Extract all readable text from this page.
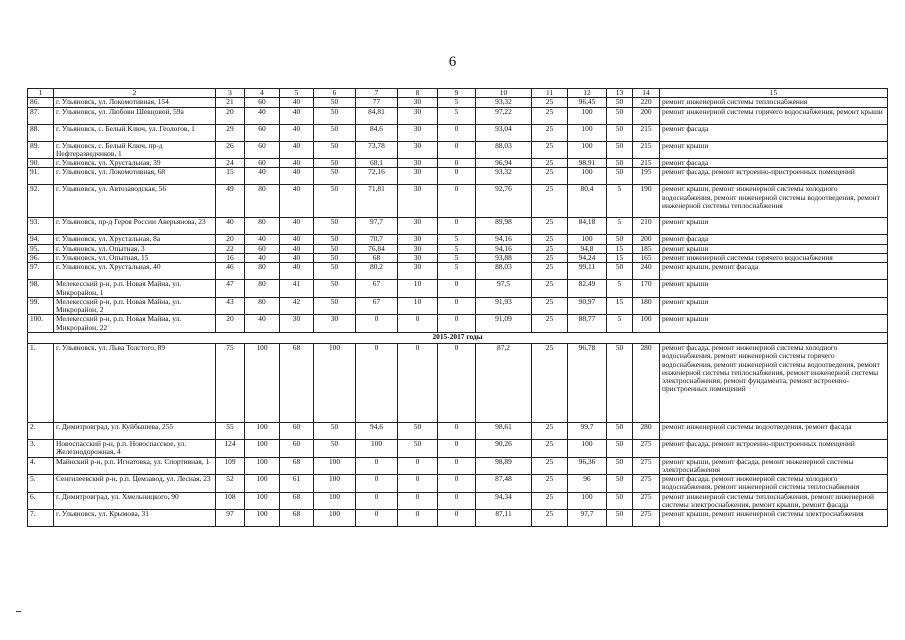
6
1	2	3	4	5	6	7	8	9	10	11	12	13	14	15
86.	г. Ульяновск, ул. Локомотивная, 154	21	60	40	50	77	30	5	93,32	25	96,45	50	220	ремонт инженерной системы теплоснабжения
87.	г. Ульяновск, ул. Любови Шевцовой, 59а	20	40	40	50	84,81	30	5	97,22	25	100	50	200	ремонт инженерной системы горячего водоснабжения, ремонт крыши
88.	г. Ульяновск, с. Белый Ключ, ул. Геологов, 1	29	60	40	50	84,6	30	0	93,04	25	100	50	215	ремонт фасада
89.	г. Ульяновск, с. Белый Ключ, пр-д Нефтеразведчиков, 1	26	60	40	50	73,78	30	0	88,03	25	100	50	215	ремонт крыши
90.	г. Ульяновск, ул. Хрустальная, 39	24	60	40	50	68,1	30	0	96,94	25	98,91	50	215	ремонт фасада
91.	г. Ульяновск, ул. Локомотивная, 68	15	40	40	50	72,16	30	0	93,32	25	100	50	195	ремонт фасада, ремонт встроенно-пристроенных помещений
92.	г. Ульяновск, ул. Автозаводская, 56	49	80	40	50	71,81	30	0	92,76	25	80,4	5	190	ремонт крыши, ремонт инженерной системы холодного водоснабжения, ремонт инженерной системы водоотведения, ремонт инженерной системы теплоснабжения
93.	г. Ульяновск, пр-д Героя России Аверьянова, 23	40	80	40	50	97,7	30	0	89,98	25	84,18	5	210	ремонт крыши
94.	г. Ульяновск, ул. Хрустальная, 8а	20	40	40	50	70,7	30	5	94,16	25	100	50	200	ремонт фасада
95.	г. Ульяновск, ул. Опытная, 3	22	60	40	50	76,84	30	5	94,16	25	94,8	15	185	ремонт крыши
96.	г. Ульяновск, ул. Опытная, 15	16	40	40	50	68	30	5	93,88	25	94,24	15	165	ремонт инженерной системы горячего водоснабжения
97.	г. Ульяновск, ул. Хрустальная, 40	46	80	40	50	80,2	30	5	88,03	25	99,11	50	240	ремонт крыши, ремонт фасада
98.	Мелекесский р-н, р.п. Новая Майна, ул. Микрорайон, 1	47	80	41	50	67	10	0	97,5	25	82,49	5	170	ремонт крыши
99.	Мелекесский р-н, р.п. Новая Майна, ул. Микрорайон, 2	43	80	42	50	67	10	0	91,93	25	90,97	15	180	ремонт крыши
100.	Мелекесский р-н, р.п. Новая Майна, ул. Микрорайон, 22	20	40	30	30	0	0	0	91,09	25	88,77	5	100	ремонт крыши
2015-2017 годы														
1.	г. Ульяновск, ул. Льва Толстого, 89	75	100	68	100	0	0	0	87,2	25	96,78	50	280	ремонт фасада, ремонт инженерной системы холодного водоснабжения, ремонт инженерной системы горячего водоснабжения, ремонт инженерной системы водоотведения, ремонт инженерной системы теплоснабжения, ремонт инженерной системы электроснабжения, ремонт фундамента, ремонт встроенно-пристроенных помещений
2.	г. Димитровград, ул. Куйбышева, 255	55	100	60	50	94,6	50	0	98,61	25	99,7	50	280	ремонт инженерной системы водоотведения, ремонт фасада
3.	Новоспасский р-н, р.п. Новоспасское, ул. Железнодорожная, 4	124	100	60	50	100	50	0	90,26	25	100	50	275	ремонт фасада, ремонт встроенно-пристроенных помещений
4.	Майнский р-н, р.п. Игнатовка, ул. Спортивная, 1	109	100	68	100	0	0	0	98,89	25	96,36	50	275	ремонт крыши, ремонт фасада, ремонт инженерной системы электроснабжения
5.	Сенгилеевский р-н, р.п. Цемзавод, ул. Лесная, 23	52	100	61	100	0	0	0	87,48	25	96	50	275	ремонт фасада, ремонт инженерной системы холодного водоснабжения, ремонт инженерной системы теплоснабжения
6.	г. Димитровград, ул. Хмельницкого, 90	108	100	68	100	0	0	0	94,34	25	100	50	275	ремонт инженерной системы теплоснабжения, ремонт инженерной системы электроснабжения, ремонт крыши, ремонт фасада
7.	г. Ульяновск, ул. Крымова, 31	97	100	68	100	0	0	0	87,11	25	97,7	50	275	ремонт крыши, ремонт инженерной системы электроснабжения
